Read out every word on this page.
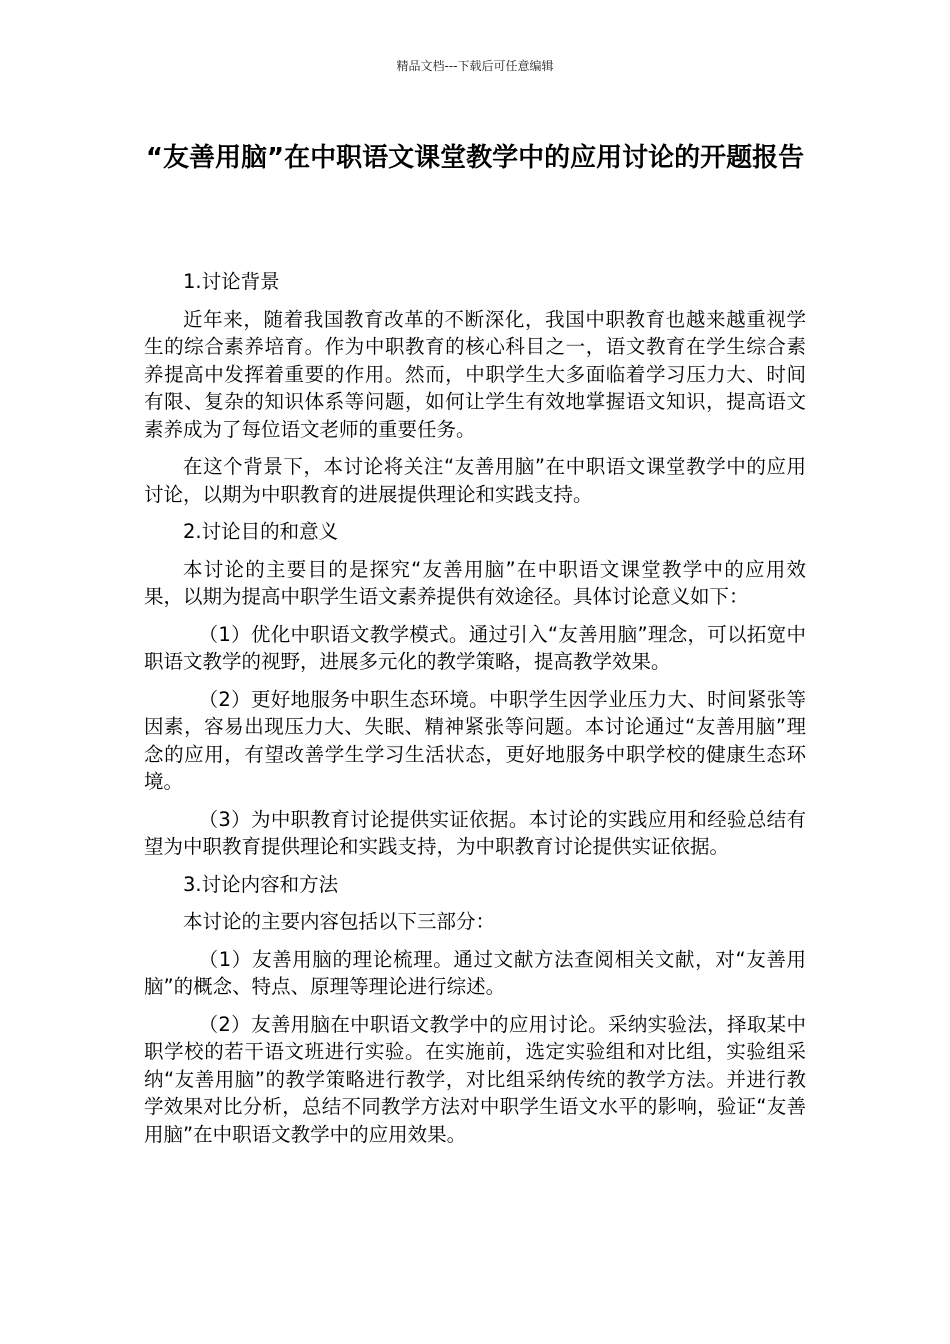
精品文档---下载后可任意编辑
“友善用脑”在中职语文课堂教学中的应用讨论的开题报告

1.讨论背景

近年来，随着我国教育改革的不断深化，我国中职教育也越来越重视学生的综合素养培育。作为中职教育的核心科目之一，语文教育在学生综合素养提高中发挥着重要的作用。然而，中职学生大多面临着学习压力大、时间有限、复杂的知识体系等问题，如何让学生有效地掌握语文知识，提高语文素养成为了每位语文老师的重要任务。

在这个背景下，本讨论将关注“友善用脑”在中职语文课堂教学中的应用讨论，以期为中职教育的进展提供理论和实践支持。

2.讨论目的和意义

本讨论的主要目的是探究“友善用脑”在中职语文课堂教学中的应用效果，以期为提高中职学生语文素养提供有效途径。具体讨论意义如下：

（1）优化中职语文教学模式。通过引入“友善用脑”理念，可以拓宽中职语文教学的视野，进展多元化的教学策略，提高教学效果。

（2）更好地服务中职生态环境。中职学生因学业压力大、时间紧张等因素，容易出现压力大、失眠、精神紧张等问题。本讨论通过“友善用脑”理念的应用，有望改善学生学习生活状态，更好地服务中职学校的健康生态环境。

（3）为中职教育讨论提供实证依据。本讨论的实践应用和经验总结有望为中职教育提供理论和实践支持，为中职教育讨论提供实证依据。

3.讨论内容和方法

本讨论的主要内容包括以下三部分：

（1）友善用脑的理论梳理。通过文献方法查阅相关文献，对“友善用脑”的概念、特点、原理等理论进行综述。

（2）友善用脑在中职语文教学中的应用讨论。采纳实验法，择取某中职学校的若干语文班进行实验。在实施前，选定实验组和对比组，实验组采纳“友善用脑”的教学策略进行教学，对比组采纳传统的教学方法。并进行教学效果对比分析，总结不同教学方法对中职学生语文水平的影响，验证“友善用脑”在中职语文教学中的应用效果。
